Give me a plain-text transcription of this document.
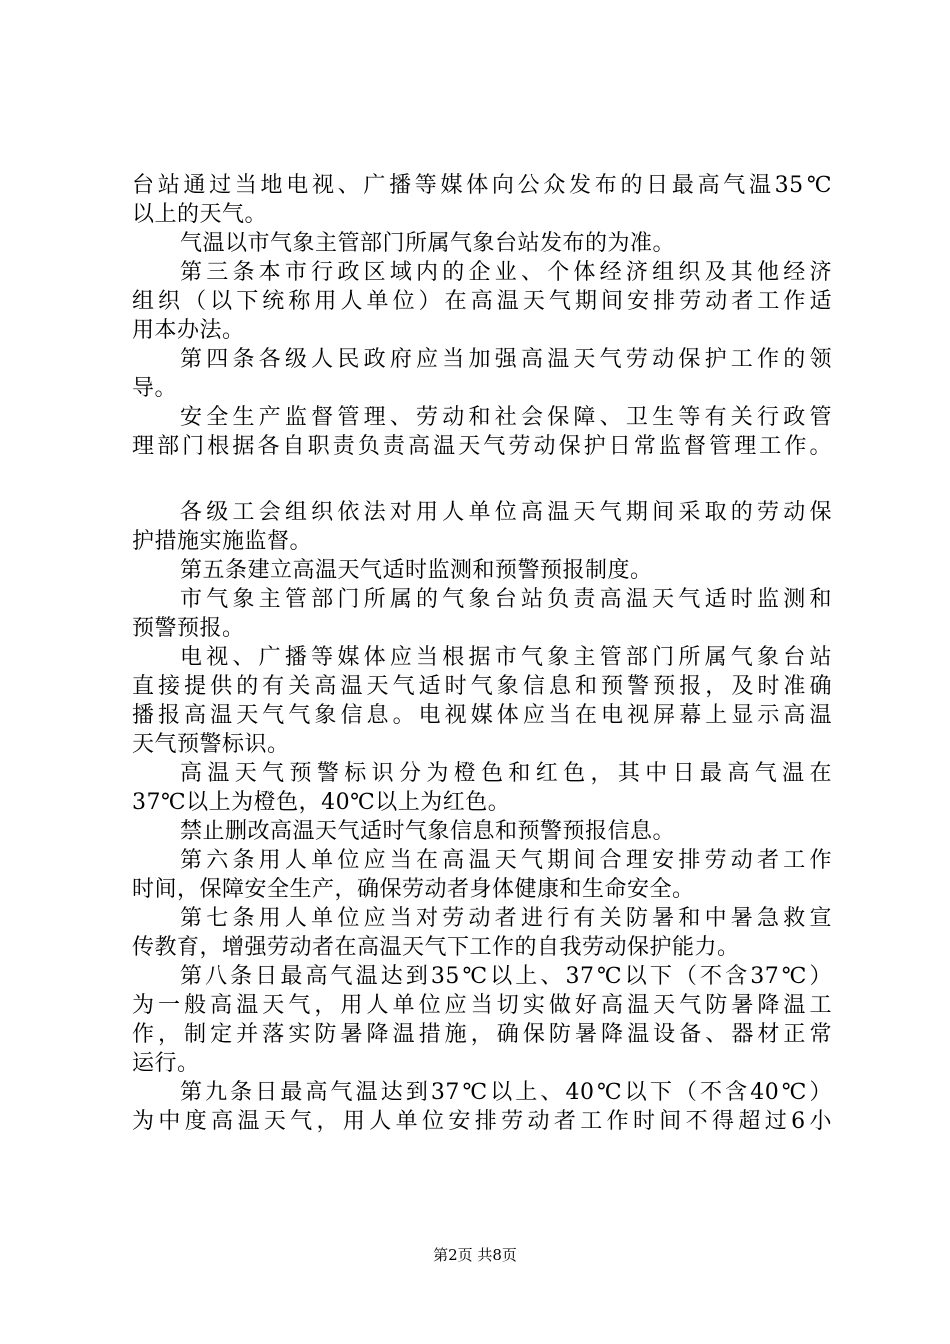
台站通过当地电视、广播等媒体向公众发布的日最高气温35℃
以上的天气。
气温以市气象主管部门所属气象台站发布的为准。
第三条本市行政区域内的企业、个体经济组织及其他经济
组织（以下统称用人单位）在高温天气期间安排劳动者工作适
用本办法。
第四条各级人民政府应当加强高温天气劳动保护工作的领
导。
安全生产监督管理、劳动和社会保障、卫生等有关行政管
理部门根据各自职责负责高温天气劳动保护日常监督管理工作。
各级工会组织依法对用人单位高温天气期间采取的劳动保
护措施实施监督。
第五条建立高温天气适时监测和预警预报制度。
市气象主管部门所属的气象台站负责高温天气适时监测和
预警预报。
电视、广播等媒体应当根据市气象主管部门所属气象台站
直接提供的有关高温天气适时气象信息和预警预报，及时准确
播报高温天气气象信息。电视媒体应当在电视屏幕上显示高温
天气预警标识。
高温天气预警标识分为橙色和红色，其中日最高气温在
37℃以上为橙色，40℃以上为红色。
禁止删改高温天气适时气象信息和预警预报信息。
第六条用人单位应当在高温天气期间合理安排劳动者工作
时间，保障安全生产，确保劳动者身体健康和生命安全。
第七条用人单位应当对劳动者进行有关防暑和中暑急救宣
传教育，增强劳动者在高温天气下工作的自我劳动保护能力。
第八条日最高气温达到35℃以上、37℃以下（不含37℃）
为一般高温天气，用人单位应当切实做好高温天气防暑降温工
作，制定并落实防暑降温措施，确保防暑降温设备、器材正常
运行。
第九条日最高气温达到37℃以上、40℃以下（不含40℃）
为中度高温天气，用人单位安排劳动者工作时间不得超过6小
第2页 共8页
